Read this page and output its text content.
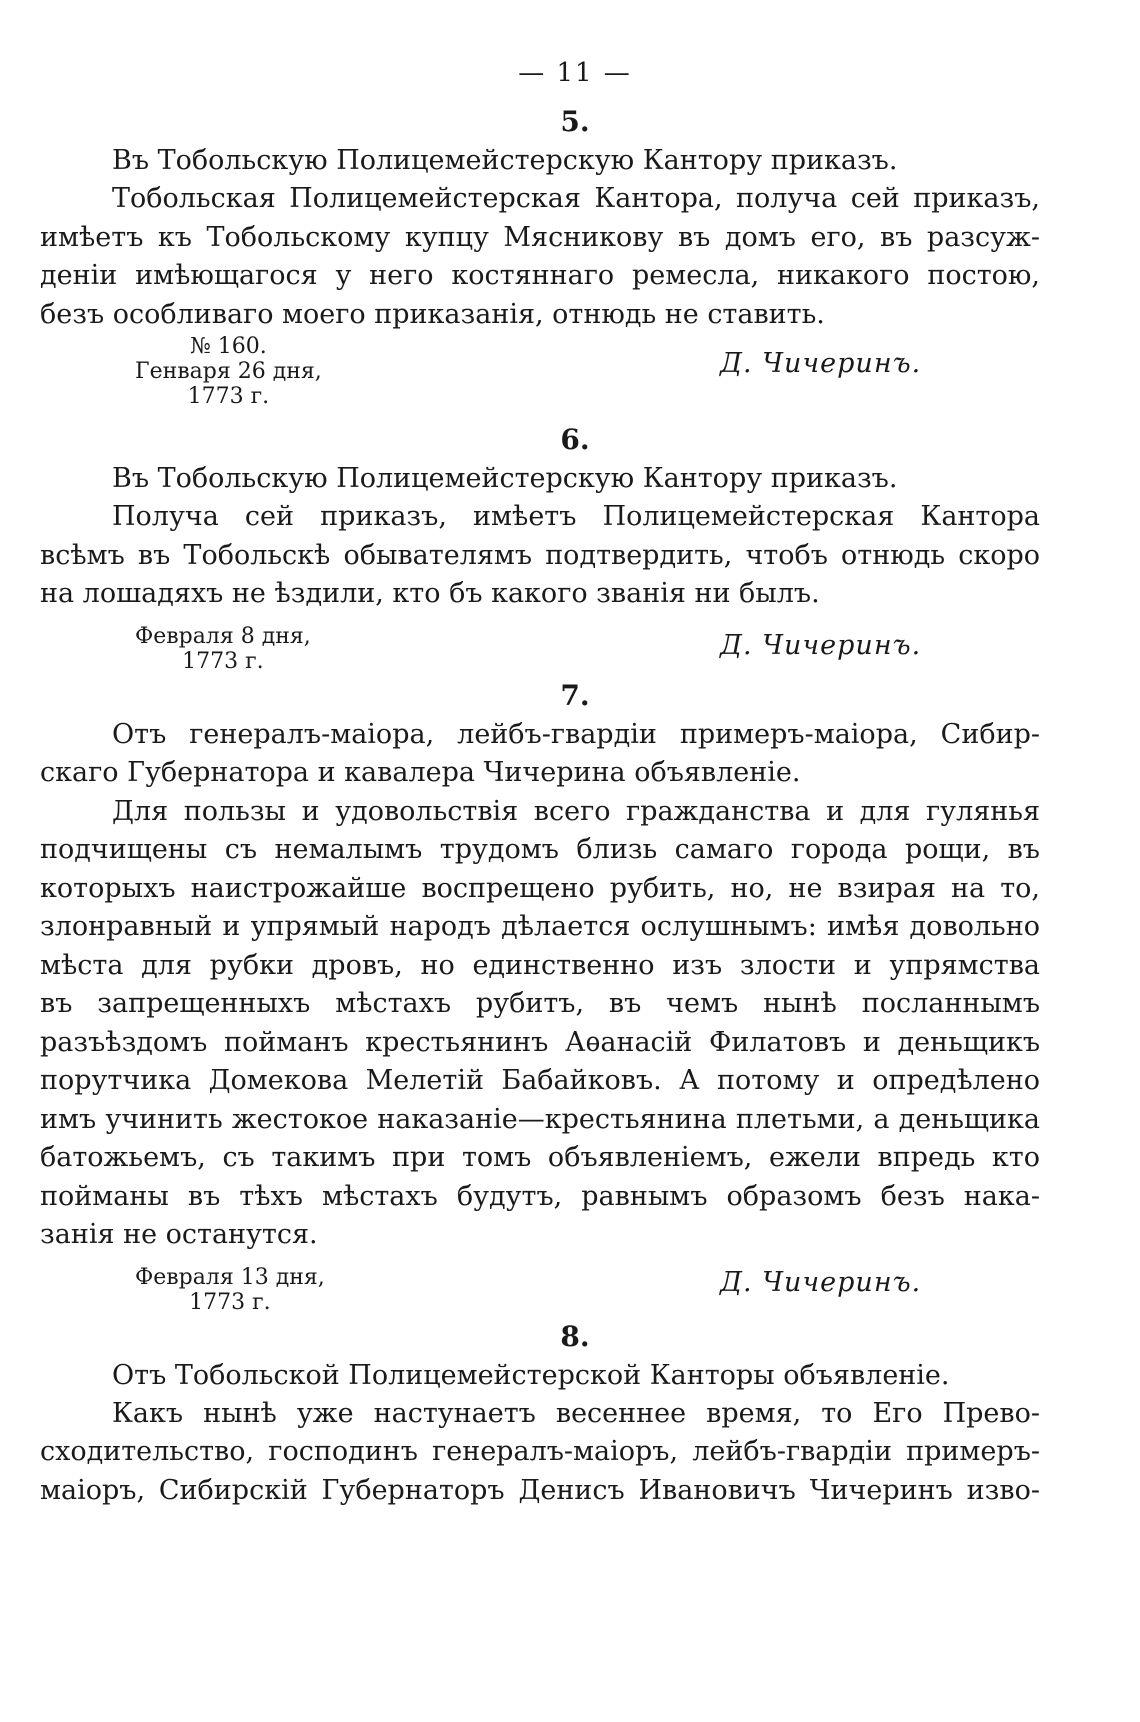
— 11 —
5.
Въ Тобольскую Полицемейстерскую Кантору приказъ.
Тобольская Полицемейстерская Кантора, получа сей приказъ,
имѣетъ къ Тобольскому купцу Мясникову въ домъ его, въ разсуж-
деніи имѣющагося у него костяннаго ремесла, никакого постою,
безъ особливаго моего приказанія, отнюдь не ставить.
№ 160.
Генваря 26 дня,
1773 г.
Д. Чичеринъ.
6.
Въ Тобольскую Полицемейстерскую Кантору приказъ.
Получа сей приказъ, имѣетъ Полицемейстерская Кантора
всѣмъ въ Тобольскѣ обывателямъ подтвердить, чтобъ отнюдь скоро
на лошадяхъ не ѣздили, кто бъ какого званія ни былъ.
Февраля 8 дня,
1773 г.
Д. Чичеринъ.
7.
Отъ генералъ-маіора, лейбъ-гвардіи примеръ-маіора, Сибир-
скаго Губернатора и кавалера Чичерина объявленіе.
Для пользы и удовольствія всего гражданства и для гулянья
подчищены съ немалымъ трудомъ близь самаго города рощи, въ
которыхъ наистрожайше воспрещено рубить, но, не взирая на то,
злонравный и упрямый народъ дѣлается ослушнымъ: имѣя довольно
мѣста для рубки дровъ, но единственно изъ злости и упрямства
въ запрещенныхъ мѣстахъ рубитъ, въ чемъ нынѣ посланнымъ
разъѣздомъ пойманъ крестьянинъ Аѳанасій Филатовъ и деньщикъ
порутчика Домекова Мелетій Бабайковъ. А потому и опредѣлено
имъ учинить жестокое наказаніе—крестьянина плетьми, а деньщика
батожьемъ, съ такимъ при томъ объявленіемъ, ежели впредь кто
пойманы въ тѣхъ мѣстахъ будутъ, равнымъ образомъ безъ нака-
занія не останутся.
Февраля 13 дня,
1773 г.
Д. Чичеринъ.
8.
Отъ Тобольской Полицемейстерской Канторы объявленіе.
Какъ нынѣ уже настунаетъ весеннее время, то Его Прево-
сходительство, господинъ генералъ-маіоръ, лейбъ-гвардіи примеръ-
маіоръ, Сибирскій Губернаторъ Денисъ Ивановичъ Чичеринъ изво-
